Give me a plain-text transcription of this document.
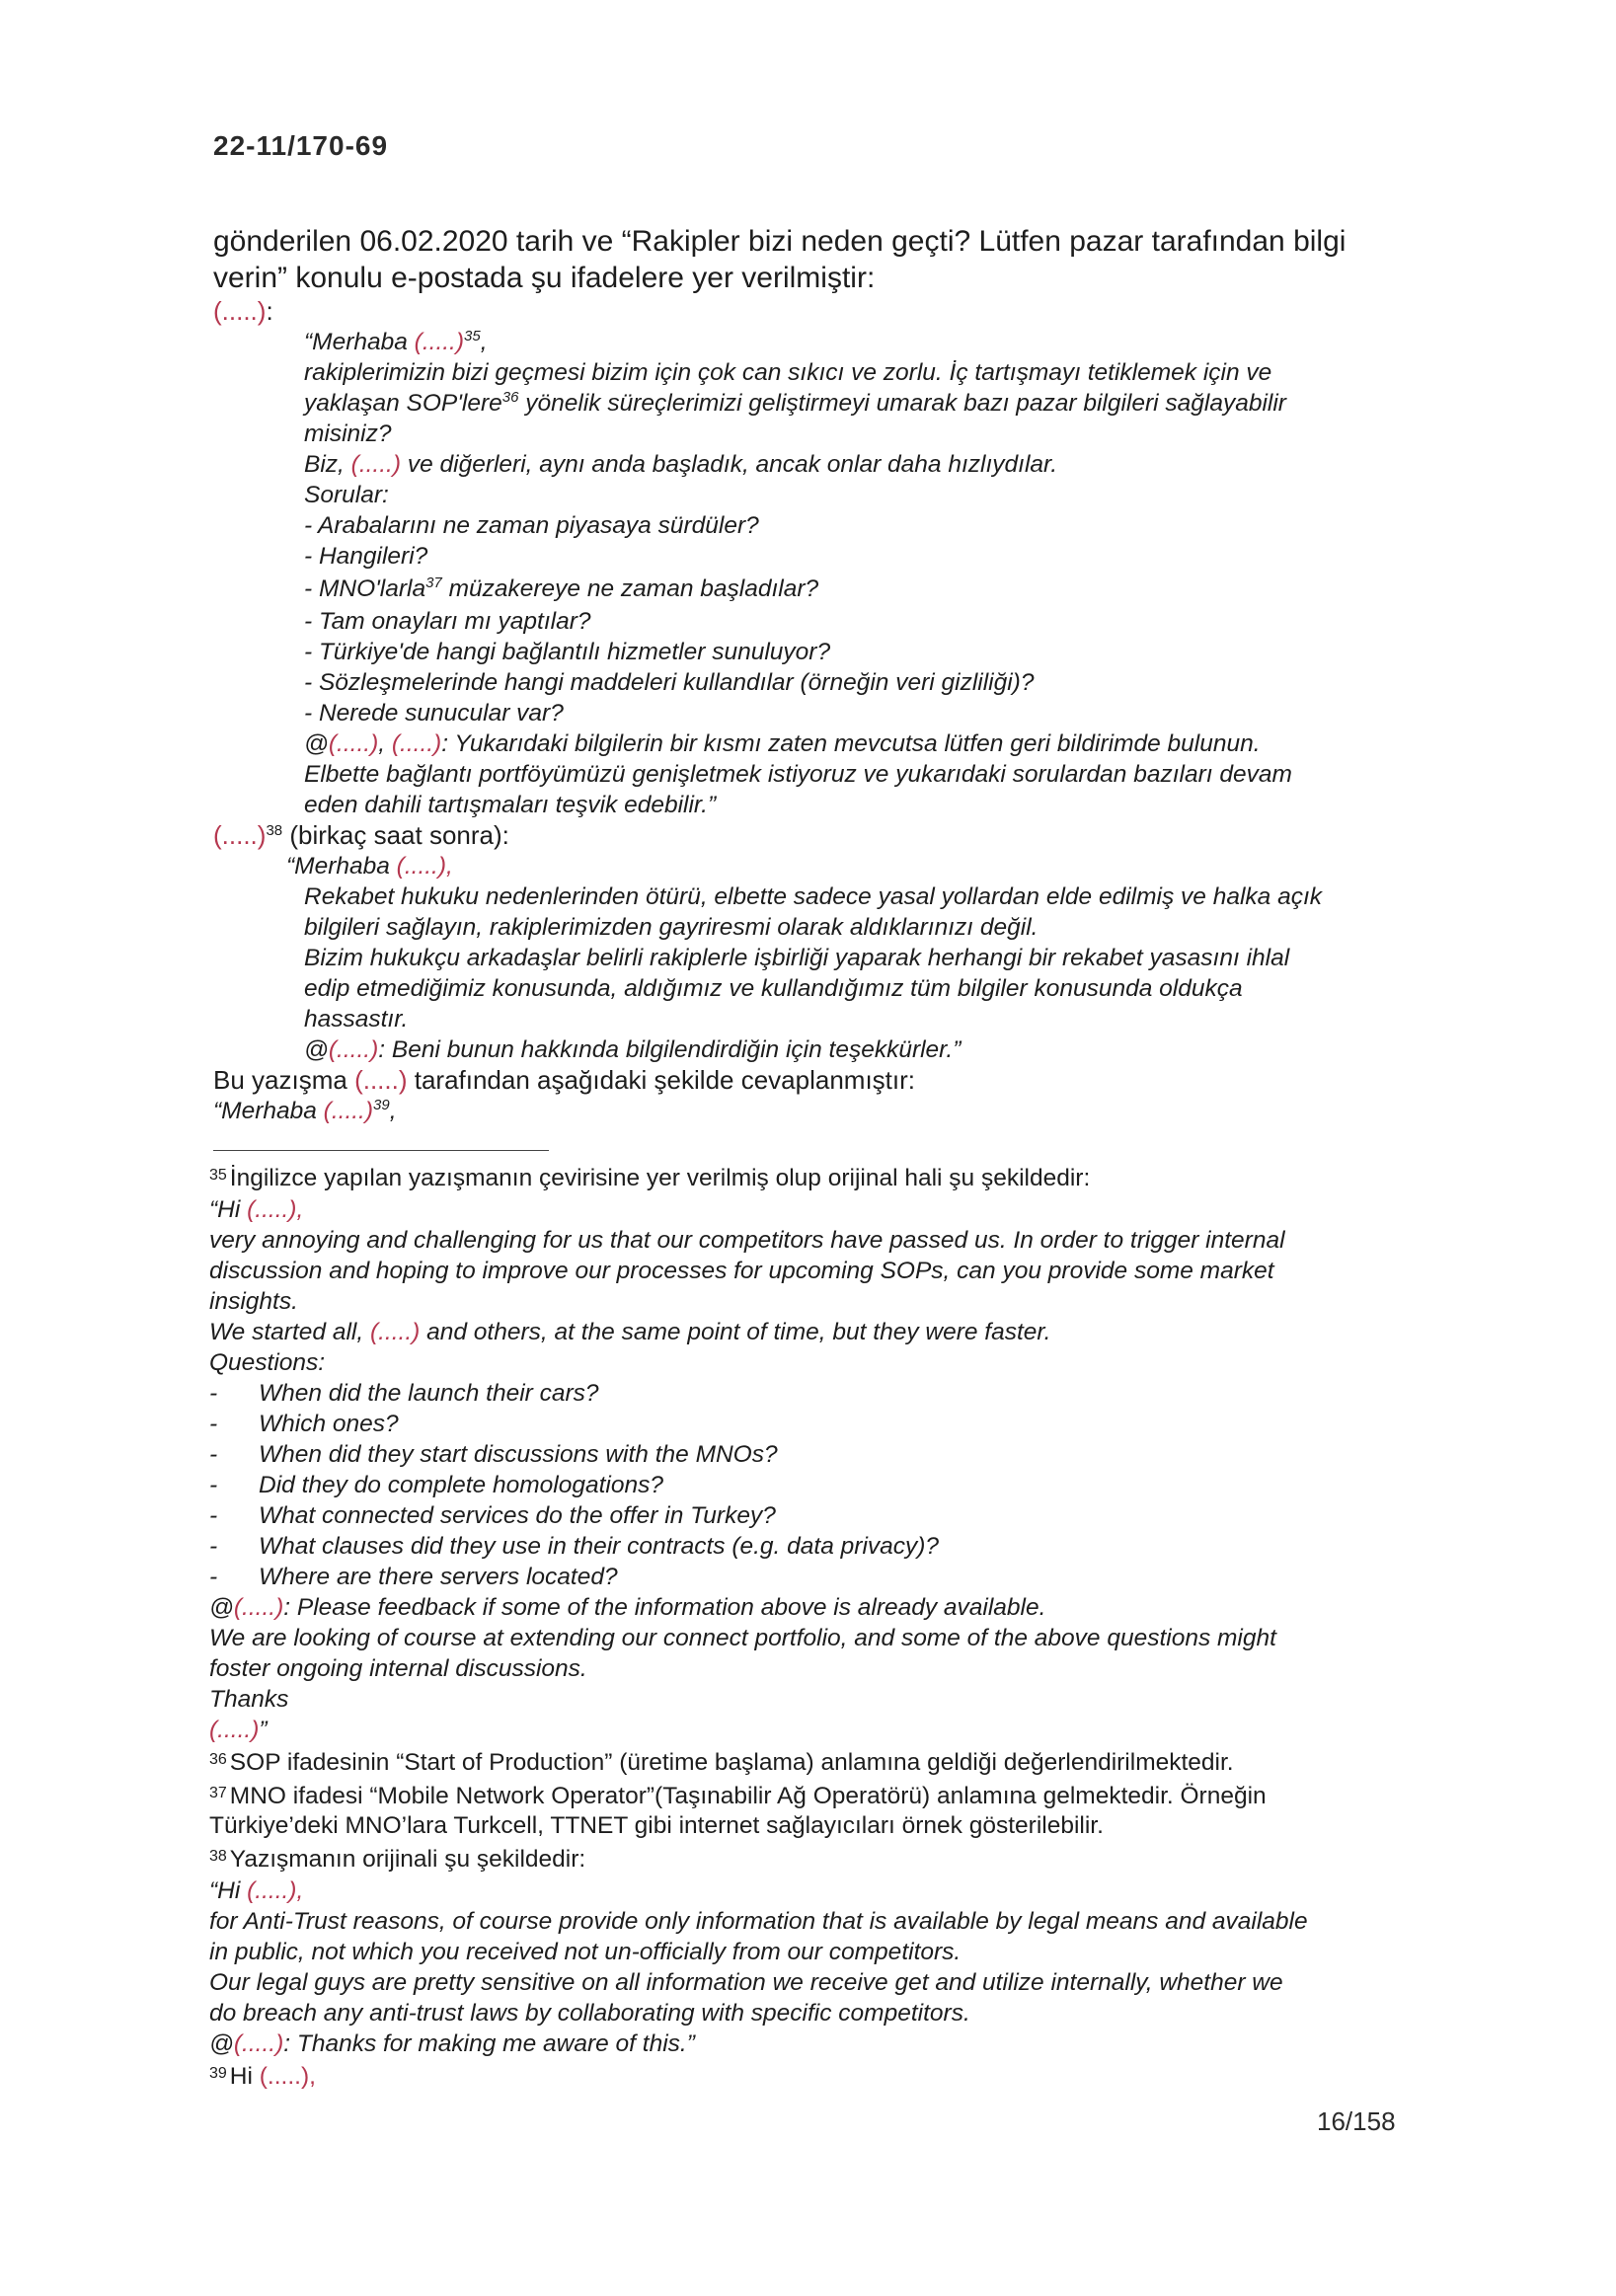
22-11/170-69

gönderilen 06.02.2020 tarih ve “Rakipler bizi neden geçti? Lütfen pazar tarafından bilgi

verin” konulu e-postada şu ifadelere yer verilmiştir:

(.....):

“Merhaba (.....)$^{35}$,

rakiplerimizin bizi geçmesi bizim için çok can sıkıcı ve zorlu. İç tartışmayı tetiklemek için ve

yaklaşan SOP'lere$^{36}$ yönelik süreçlerimizi geliştirmeyi umarak bazı pazar bilgileri sağlayabilir

misiniz?

Biz, (.....) ve diğerleri, aynı anda başladık, ancak onlar daha hızlıydılar.

Sorular:

- Arabalarını ne zaman piyasaya sürdüler?

- Hangileri?

- MNO'larla$^{37}$ müzakereye ne zaman başladılar?

- Tam onayları mı yaptılar?

- Türkiye'de hangi bağlantılı hizmetler sunuluyor?

- Sözleşmelerinde hangi maddeleri kullandılar (örneğin veri gizliliği)?

- Nerede sunucular var?

@(.....), (.....): Yukarıdaki bilgilerin bir kısmı zaten mevcutsa lütfen geri bildirimde bulunun.

Elbette bağlantı portföyümüzü genişletmek istiyoruz ve yukarıdaki sorulardan bazıları devam

eden dahili tartışmaları teşvik edebilir.”

(.....)$^{38}$ (birkaç saat sonra):

“Merhaba (.....),

Rekabet hukuku nedenlerinden ötürü, elbette sadece yasal yollardan elde edilmiş ve halka açık

bilgileri sağlayın, rakiplerimizden gayriresmi olarak aldıklarınızı değil.

Bizim hukukçu arkadaşlar belirli rakiplerle işbirliği yaparak herhangi bir rekabet yasasını ihlal

edip etmediğimiz konusunda, aldığımız ve kullandığımız tüm bilgiler konusunda oldukça

hassastır.

@(.....): Beni bunun hakkında bilgilendirdiğin için teşekkürler.”

Bu yazışma (.....) tarafından aşağıdaki şekilde cevaplanmıştır:

“Merhaba (.....)$^{39}$,

$^{35}$ İngilizce yapılan yazışmanın çevirisine yer verilmiş olup orijinal hali şu şekildedir:

“Hi (.....),

very annoying and challenging for us that our competitors have passed us. In order to trigger internal

discussion and hoping to improve our processes for upcoming SOPs, can you provide some market

insights.

We started all, (.....) and others, at the same point of time, but they were faster.

Questions:

- When did the launch their cars?

- Which ones?

- When did they start discussions with the MNOs?

- Did they do complete homologations?

- What connected services do the offer in Turkey?

- What clauses did they use in their contracts (e.g. data privacy)?

- Where are there servers located?

@(.....): Please feedback if some of the information above is already available.

We are looking of course at extending our connect portfolio, and some of the above questions might

foster ongoing internal discussions.

Thanks

(.....)”

$^{36}$ SOP ifadesinin “Start of Production” (üretime başlama) anlamına geldiği değerlendirilmektedir.

$^{37}$ MNO ifadesi “Mobile Network Operator”(Taşınabilir Ağ Operatörü) anlamına gelmektedir. Örneğin

Türkiye’deki MNO’lara Turkcell, TTNET gibi internet sağlayıcıları örnek gösterilebilir.

$^{38}$ Yazışmanın orijinali şu şekildedir:

“Hi (.....),

for Anti-Trust reasons, of course provide only information that is available by legal means and available

in public, not which you received not un-officially from our competitors.

Our legal guys are pretty sensitive on all information we receive get and utilize internally, whether we

do breach any anti-trust laws by collaborating with specific competitors.

@(.....): Thanks for making me aware of this.”

$^{39}$ Hi (.....),

16/158
